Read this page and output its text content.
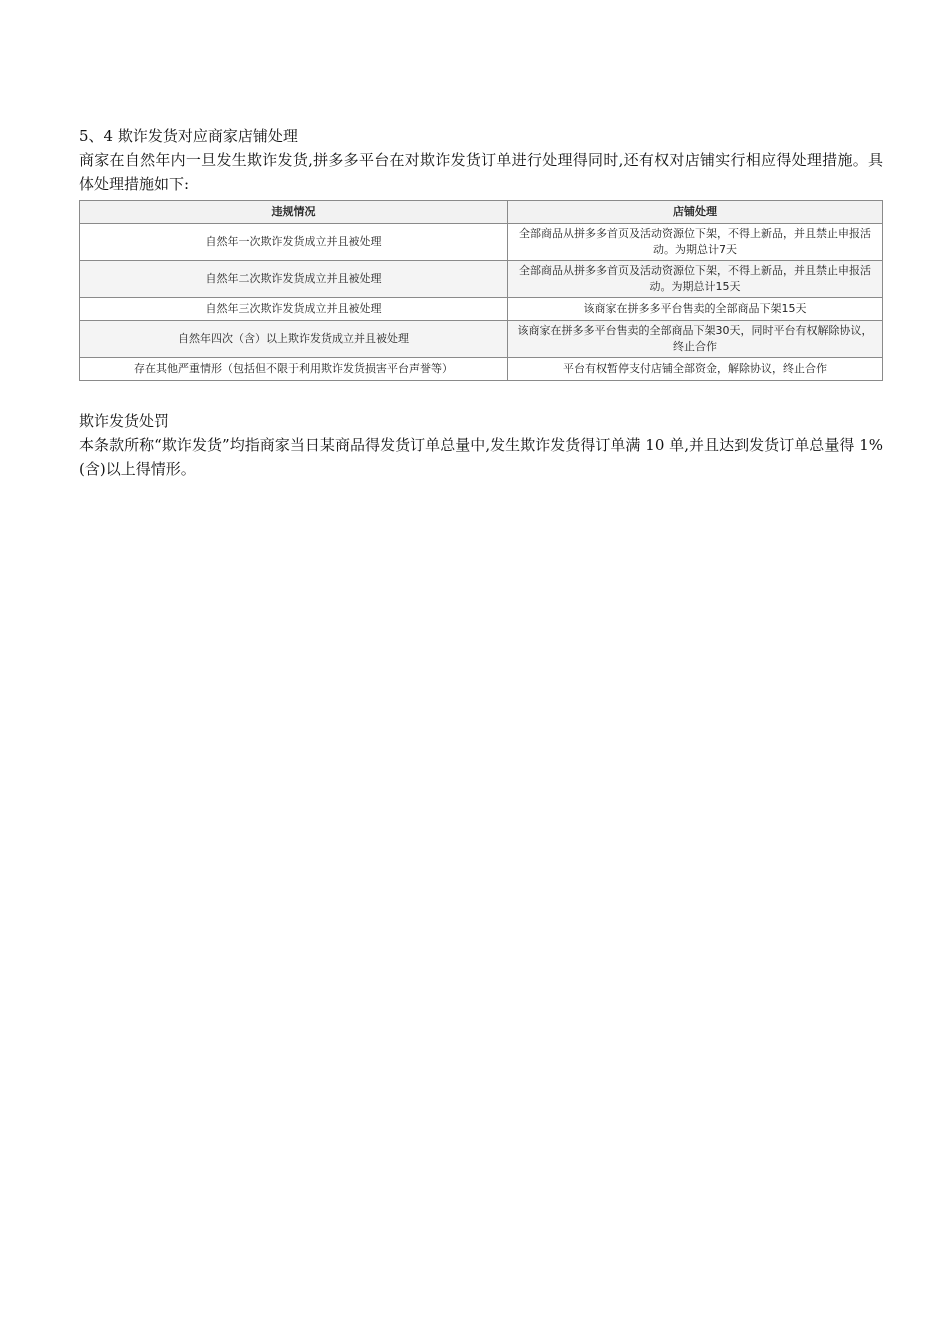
5、4 欺诈发货对应商家店铺处理

商家在自然年内一旦发生欺诈发货,拼多多平台在对欺诈发货订单进行处理得同时,还有权对店铺实行相应得处理措施。具体处理措施如下:

违规情况	店铺处理
自然年一次欺诈发货成立并且被处理	全部商品从拼多多首页及活动资源位下架，不得上新品，并且禁止申报活动。为期总计7天
自然年二次欺诈发货成立并且被处理	全部商品从拼多多首页及活动资源位下架，不得上新品，并且禁止申报活动。为期总计15天
自然年三次欺诈发货成立并且被处理	该商家在拼多多平台售卖的全部商品下架15天
自然年四次（含）以上欺诈发货成立并且被处理	该商家在拼多多平台售卖的全部商品下架30天，同时平台有权解除协议，终止合作
存在其他严重情形（包括但不限于利用欺诈发货损害平台声誉等）	平台有权暂停支付店铺全部资金，解除协议，终止合作

欺诈发货处罚

本条款所称“欺诈发货”均指商家当日某商品得发货订单总量中,发生欺诈发货得订单满 10 单,并且达到发货订单总量得 1%(含)以上得情形。
